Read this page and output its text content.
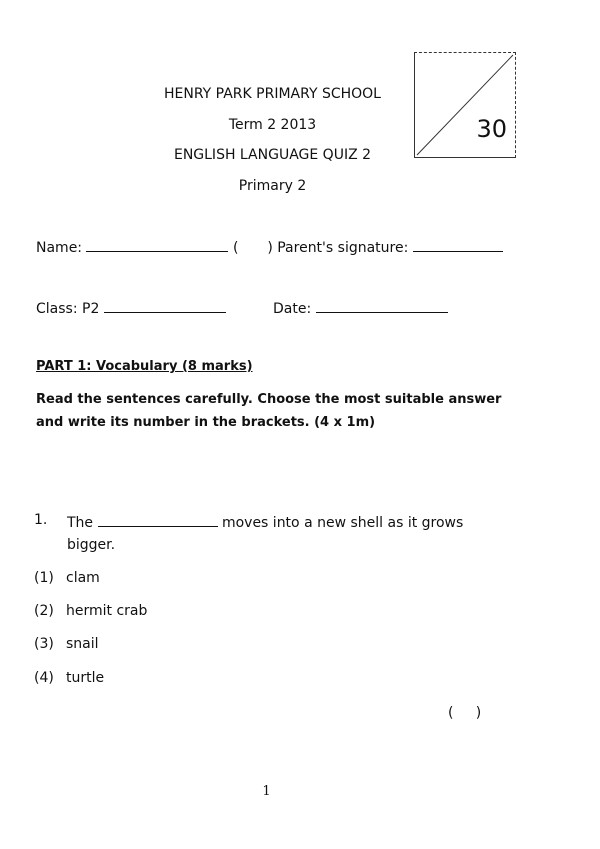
HENRY PARK PRIMARY SCHOOL
Term 2 2013
ENGLISH LANGUAGE QUIZ 2
Primary 2
30
Name:	( ) Parent's signature:
Class: P2	Date:
PART 1: Vocabulary (8 marks)
Read the sentences carefully. Choose the most suitable answer
and write its number in the brackets. (4 x 1m)
1. The	moves into a new shell as it grows
bigger.
(1) clam
(2) hermit crab
(3) snail
(4) turtle
(     )
1
